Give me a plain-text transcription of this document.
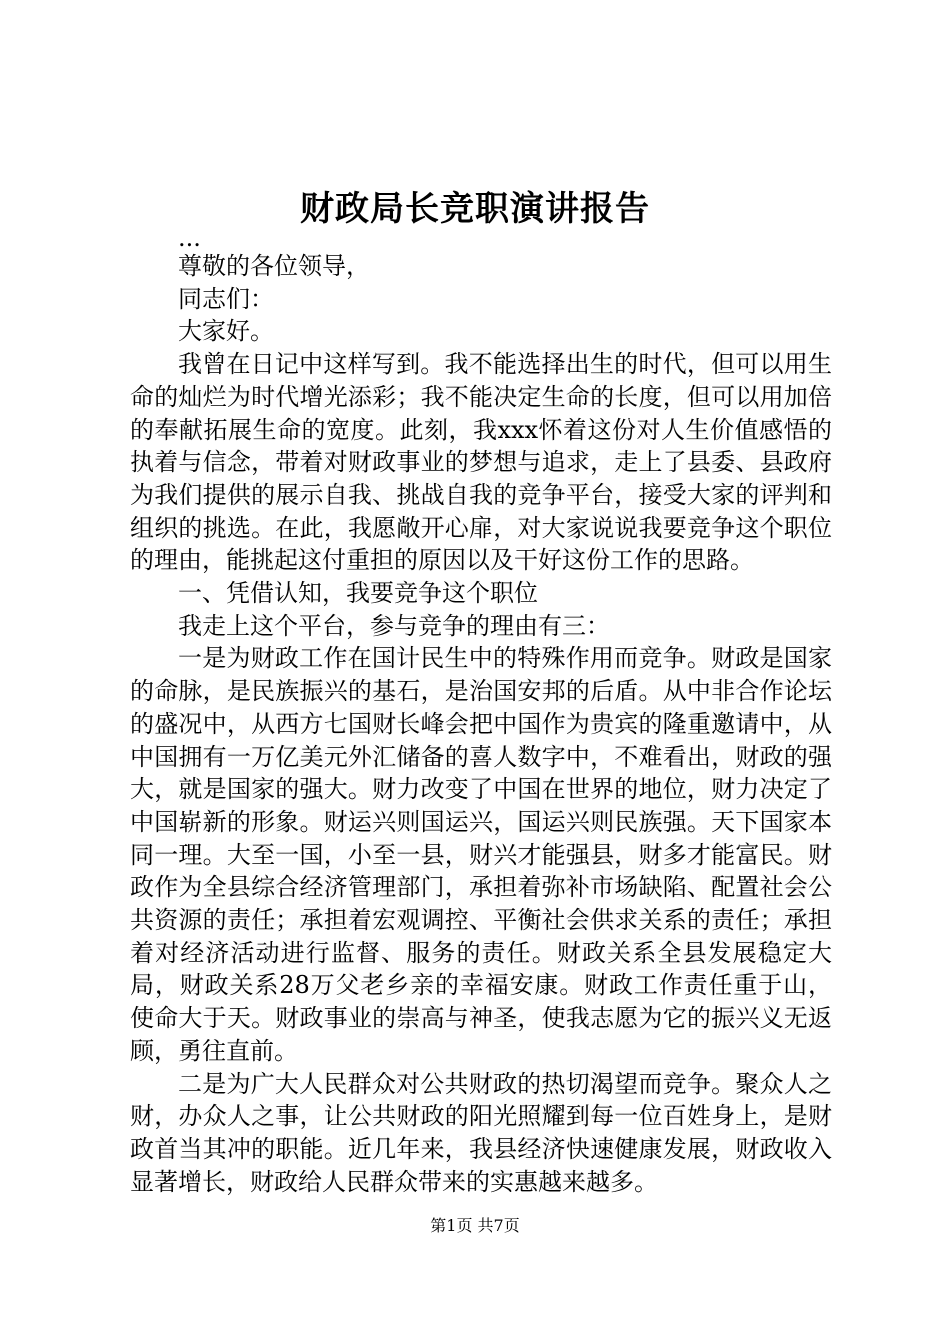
财政局长竞职演讲报告

...

尊敬的各位领导，

同志们：

大家好。

我曾在日记中这样写到。我不能选择出生的时代，但可以用生命的灿烂为时代增光添彩；我不能决定生命的长度，但可以用加倍的奉献拓展生命的宽度。此刻，我xxx怀着这份对人生价值感悟的执着与信念，带着对财政事业的梦想与追求，走上了县委、县政府为我们提供的展示自我、挑战自我的竞争平台，接受大家的评判和组织的挑选。在此，我愿敞开心扉，对大家说说我要竞争这个职位的理由，能挑起这付重担的原因以及干好这份工作的思路。

一、凭借认知，我要竞争这个职位

我走上这个平台，参与竞争的理由有三：

一是为财政工作在国计民生中的特殊作用而竞争。财政是国家的命脉，是民族振兴的基石，是治国安邦的后盾。从中非合作论坛的盛况中，从西方七国财长峰会把中国作为贵宾的隆重邀请中，从中国拥有一万亿美元外汇储备的喜人数字中，不难看出，财政的强大，就是国家的强大。财力改变了中国在世界的地位，财力决定了中国崭新的形象。财运兴则国运兴，国运兴则民族强。天下国家本同一理。大至一国，小至一县，财兴才能强县，财多才能富民。财政作为全县综合经济管理部门，承担着弥补市场缺陷、配置社会公共资源的责任；承担着宏观调控、平衡社会供求关系的责任；承担着对经济活动进行监督、服务的责任。财政关系全县发展稳定大局，财政关系28万父老乡亲的幸福安康。财政工作责任重于山，使命大于天。财政事业的崇高与神圣，使我志愿为它的振兴义无返顾，勇往直前。

二是为广大人民群众对公共财政的热切渴望而竞争。聚众人之财，办众人之事，让公共财政的阳光照耀到每一位百姓身上，是财政首当其冲的职能。近几年来，我县经济快速健康发展，财政收入显著增长，财政给人民群众带来的实惠越来越多。

第1页 共7页
